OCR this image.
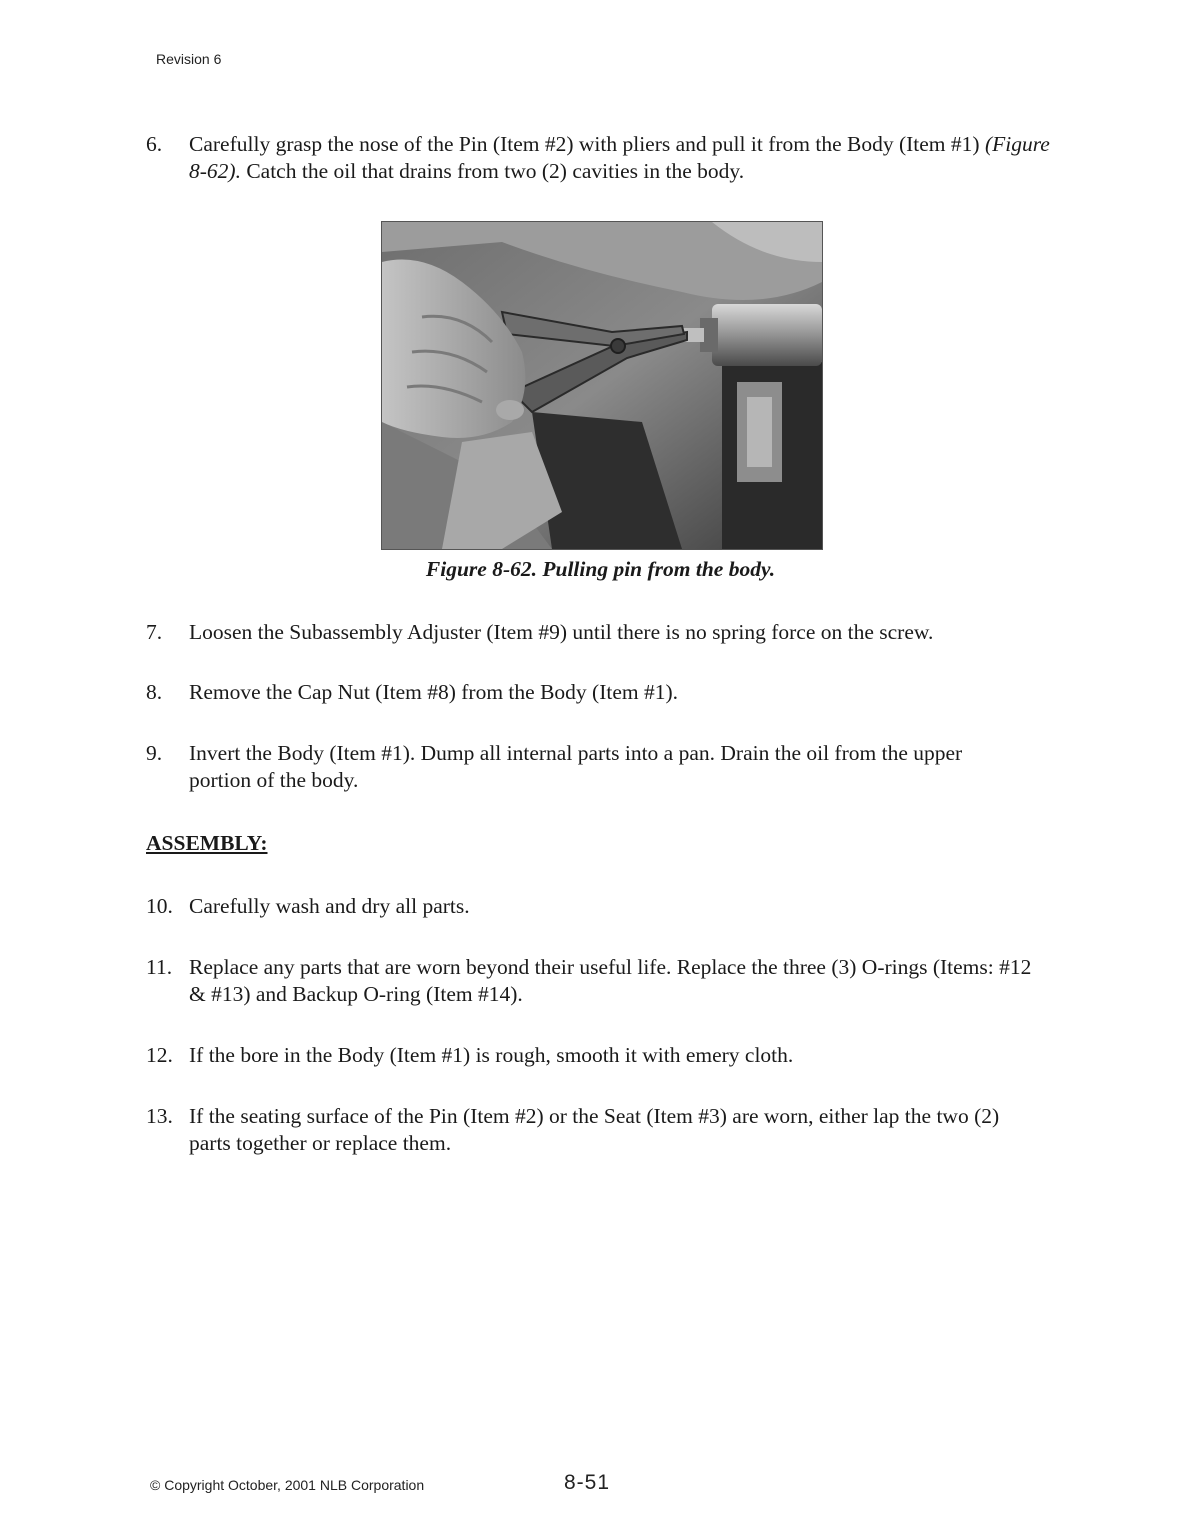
Revision 6
6. Carefully grasp the nose of the Pin (Item #2) with pliers and pull it from the Body (Item #1) (Figure 8-62). Catch the oil that drains from two (2) cavities in the body.
Figure 8-62. Pulling pin from the body.
7. Loosen the Subassembly Adjuster (Item #9) until there is no spring force on the screw.
8. Remove the Cap Nut (Item #8) from the Body (Item #1).
9. Invert the Body (Item #1). Dump all internal parts into a pan. Drain the oil from the upper portion of the body.
ASSEMBLY:
10. Carefully wash and dry all parts.
11. Replace any parts that are worn beyond their useful life. Replace the three (3) O-rings (Items: #12 & #13) and Backup O-ring (Item #14).
12. If the bore in the Body (Item #1) is rough, smooth it with emery cloth.
13. If the seating surface of the Pin (Item #2) or the Seat (Item #3) are worn, either lap the two (2) parts together or replace them.
© Copyright October, 2001 NLB Corporation	8-51
